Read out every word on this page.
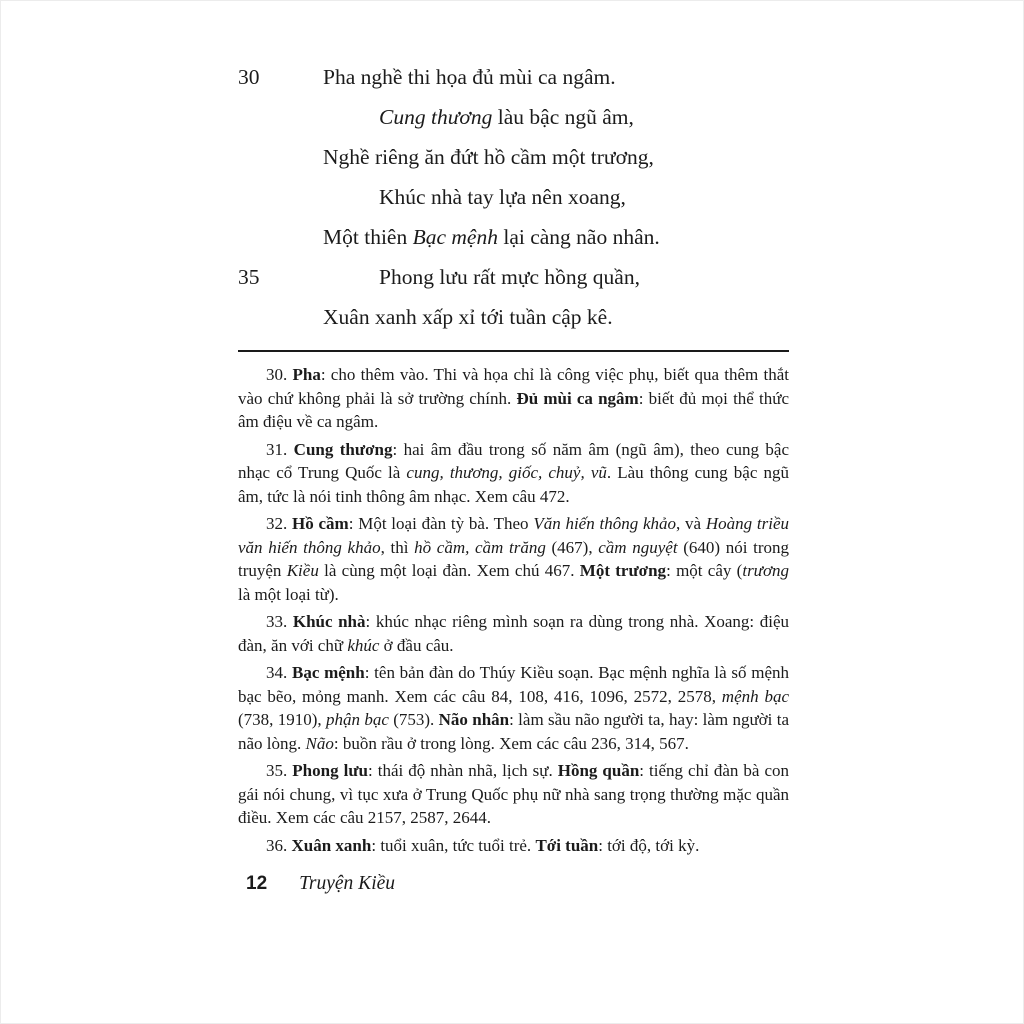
30	Pha nghề thi họa đủ mùi ca ngâm.
Cung thương làu bậc ngũ âm,
Nghề riêng ăn đứt hồ cầm một trương,
Khúc nhà tay lựa nên xoang,
Một thiên Bạc mệnh lại càng não nhân.
35	Phong lưu rất mực hồng quần,
Xuân xanh xấp xỉ tới tuần cập kê.

30. Pha: cho thêm vào. Thi và họa chỉ là công việc phụ, biết qua thêm thắt vào chứ không phải là sở trường chính. Đủ mùi ca ngâm: biết đủ mọi thể thức âm điệu về ca ngâm.

31. Cung thương: hai âm đầu trong số năm âm (ngũ âm), theo cung bậc nhạc cổ Trung Quốc là cung, thương, giốc, chuỷ, vũ. Làu thông cung bậc ngũ âm, tức là nói tinh thông âm nhạc. Xem câu 472.

32. Hồ cầm: Một loại đàn tỳ bà. Theo Văn hiến thông khảo, và Hoàng triều văn hiến thông khảo, thì hồ cầm, cầm trăng (467), cầm nguyệt (640) nói trong truyện Kiều là cùng một loại đàn. Xem chú 467. Một trương: một cây (trương là một loại từ).

33. Khúc nhà: khúc nhạc riêng mình soạn ra dùng trong nhà. Xoang: điệu đàn, ăn với chữ khúc ở đầu câu.

34. Bạc mệnh: tên bản đàn do Thúy Kiều soạn. Bạc mệnh nghĩa là số mệnh bạc bẽo, mỏng manh. Xem các câu 84, 108, 416, 1096, 2572, 2578, mệnh bạc (738, 1910), phận bạc (753). Não nhân: làm sầu não người ta, hay: làm người ta não lòng. Não: buồn rầu ở trong lòng. Xem các câu 236, 314, 567.

35. Phong lưu: thái độ nhàn nhã, lịch sự. Hồng quần: tiếng chỉ đàn bà con gái nói chung, vì tục xưa ở Trung Quốc phụ nữ nhà sang trọng thường mặc quần điều. Xem các câu 2157, 2587, 2644.

36. Xuân xanh: tuổi xuân, tức tuổi trẻ. Tới tuần: tới độ, tới kỳ.

12 Truyện Kiều
